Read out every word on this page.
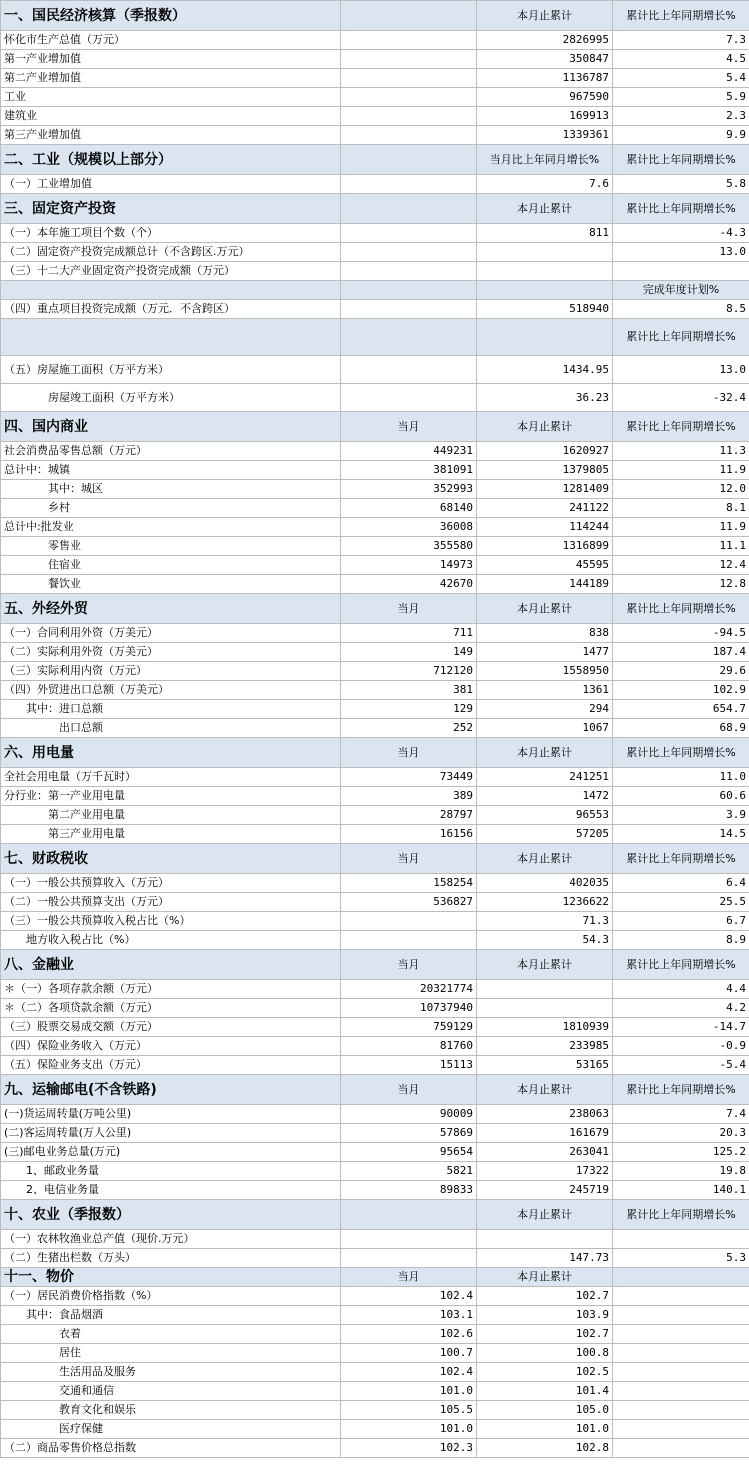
一、国民经济核算（季报数）		本月止累计	累计比上年同期增长%
怀化市生产总值（万元）		2826995	7.3
第一产业增加值		350847	4.5
第二产业增加值		1136787	5.4
工业		967590	5.9
建筑业		169913	2.3
第三产业增加值		1339361	9.9
二、工业（规模以上部分）		当月比上年同月增长%	累计比上年同期增长%
（一）工业增加值		7.6	5.8
三、固定资产投资		本月止累计	累计比上年同期增长%
（一）本年施工项目个数（个）		811	-4.3
（二）固定资产投资完成额总计（不含跨区.万元）			13.0
（三）十二大产业固定资产投资完成额（万元）			
			完成年度计划%
（四）重点项目投资完成额（万元．不含跨区）		518940	8.5
			累计比上年同期增长%
（五）房屋施工面积（万平方米）		1434.95	13.0
　　　　房屋竣工面积（万平方米）		36.23	-32.4
四、国内商业	当月	本月止累计	累计比上年同期增长%
社会消费品零售总额（万元）	449231	1620927	11.3
总计中：城镇	381091	1379805	11.9
　　　　其中：城区	352993	1281409	12.0
　　　　乡村	68140	241122	8.1
总计中:批发业	36008	114244	11.9
　　　　零售业	355580	1316899	11.1
　　　　住宿业	14973	45595	12.4
　　　　餐饮业	42670	144189	12.8
五、外经外贸	当月	本月止累计	累计比上年同期增长%
（一）合同利用外资（万美元）	711	838	-94.5
（二）实际利用外资（万美元）	149	1477	187.4
（三）实际利用内资（万元）	712120	1558950	29.6
（四）外贸进出口总额（万美元）	381	1361	102.9
　　其中：进口总额	129	294	654.7
　　　　　出口总额	252	1067	68.9
六、用电量	当月	本月止累计	累计比上年同期增长%
全社会用电量（万千瓦时）	73449	241251	11.0
分行业：第一产业用电量	389	1472	60.6
　　　　第二产业用电量	28797	96553	3.9
　　　　第三产业用电量	16156	57205	14.5
七、财政税收	当月	本月止累计	累计比上年同期增长%
（一）一般公共预算收入（万元）	158254	402035	6.4
（二）一般公共预算支出（万元）	536827	1236622	25.5
（三）一般公共预算收入税占比（%）		71.3	6.7
　　地方收入税占比（%）		54.3	8.9
八、金融业	当月	本月止累计	累计比上年同期增长%
＊（一）各项存款余额（万元）	20321774		4.4
＊（二）各项贷款余额（万元）	10737940		4.2
（三）股票交易成交额（万元）	759129	1810939	-14.7
（四）保险业务收入（万元）	81760	233985	-0.9
（五）保险业务支出（万元）	15113	53165	-5.4
九、运输邮电(不含铁路)	当月	本月止累计	累计比上年同期增长%
(一)货运周转量(万吨公里)	90009	238063	7.4
(二)客运周转量(万人公里)	57869	161679	20.3
(三)邮电业务总量(万元)	95654	263041	125.2
　　1、邮政业务量	5821	17322	19.8
　　2、电信业务量	89833	245719	140.1
十、农业（季报数）		本月止累计	累计比上年同期增长%
（一）农林牧渔业总产值（现价.万元）			
（二）生猪出栏数（万头）		147.73	5.3
十一、物价	当月	本月止累计	
（一）居民消费价格指数（%）	102.4	102.7	
　　其中：食品烟酒	103.1	103.9	
　　　　　衣着	102.6	102.7	
　　　　　居住	100.7	100.8	
　　　　　生活用品及服务	102.4	102.5	
　　　　　交通和通信	101.0	101.4	
　　　　　教育文化和娱乐	105.5	105.0	
　　　　　医疗保健	101.0	101.0	
（二）商品零售价格总指数	102.3	102.8	
